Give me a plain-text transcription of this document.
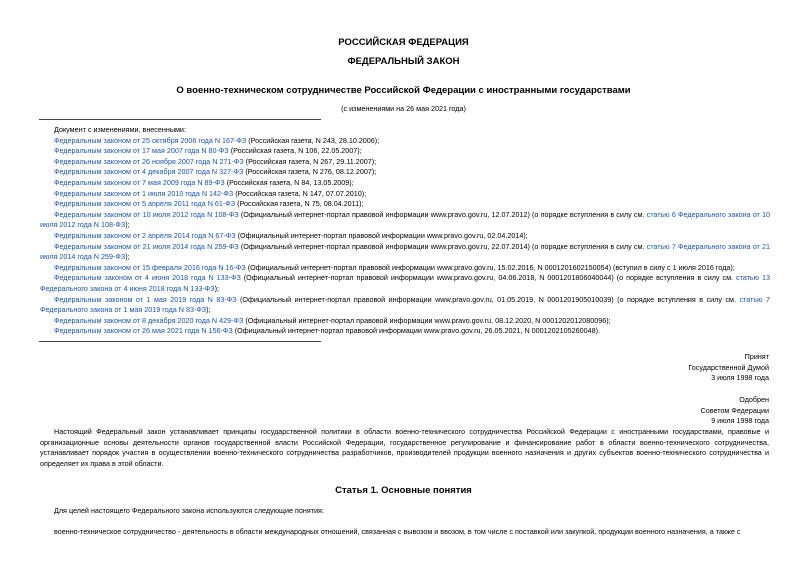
РОССИЙСКАЯ ФЕДЕРАЦИЯ
ФЕДЕРАЛЬНЫЙ ЗАКОН
О военно-техническом сотрудничестве Российской Федерации с иностранными государствами
(с изменениями на 26 мая 2021 года)
Документ с изменениями, внесенными:
Федеральным законом от 25 октября 2006 года N 167-ФЗ (Российская газета, N 243, 28.10.2006);
Федеральным законом от 17 мая 2007 года N 80-ФЗ (Российская газета, N 106, 22.05.2007);
Федеральным законом от 26 ноября 2007 года N 271-ФЗ (Российская газета, N 267, 29.11.2007);
Федеральным законом от 4 декабря 2007 года N 327-ФЗ (Российская газета, N 276, 08.12.2007);
Федеральным законом от 7 мая 2009 года N 89-ФЗ (Российская газета, N 84, 13.05.2009);
Федеральным законом от 1 июля 2010 года N 142-ФЗ (Российская газета, N 147, 07.07.2010);
Федеральным законом от 5 апреля 2011 года N 61-ФЗ (Российская газета, N 75, 08.04.2011);
Федеральным законом от 10 июля 2012 года N 108-ФЗ (Официальный интернет-портал правовой информации www.pravo.gov.ru, 12.07.2012) (о порядке вступления в силу см. статью 6 Федерального закона от 10 июля 2012 года N 108-ФЗ);
Федеральным законом от 2 апреля 2014 года N 67-ФЗ (Официальный интернет-портал правовой информации www.pravo.gov.ru, 02.04.2014);
Федеральным законом от 21 июля 2014 года N 259-ФЗ (Официальный интернет-портал правовой информации www.pravo.gov.ru, 22.07.2014) (о порядке вступления в силу см. статью 7 Федерального закона от 21 июля 2014 года N 259-ФЗ);
Федеральным законом от 15 февраля 2016 года N 16-ФЗ (Официальный интернет-портал правовой информации www.pravo.gov.ru, 15.02.2016, N 0001201602150054) (вступил в силу с 1 июля 2016 года);
Федеральным законом от 4 июня 2018 года N 133-ФЗ (Официальный интернет-портал правовой информации www.pravo.gov.ru, 04.06.2018, N 0001201806040044) (о порядке вступления в силу см. статью 13 Федерального закона от 4 июня 2018 года N 133-ФЗ);
Федеральным законом от 1 мая 2019 года N 83-ФЗ (Официальный интернет-портал правовой информации www.pravo.gov.ru, 01.05.2019, N 0001201905010039) (о порядке вступления в силу см. статью 7 Федерального закона от 1 мая 2019 года N 83-ФЗ);
Федеральным законом от 8 декабря 2020 года N 429-ФЗ (Официальный интернет-портал правовой информации www.pravo.gov.ru, 08.12.2020, N 0001202012080096);
Федеральным законом от 26 мая 2021 года N 156-ФЗ (Официальный интернет-портал правовой информации www.pravo.gov.ru, 26.05.2021, N 0001202105260048).
Принят
Государственной Думой
3 июля 1998 года
Одобрен
Советом Федерации
9 июля 1998 года
Настоящий Федеральный закон устанавливает принципы государственной политики в области военно-технического сотрудничества Российской Федерации с иностранными государствами, правовые и организационные основы деятельности органов государственной власти Российской Федерации, государственное регулирование и финансирование работ в области военно-технического сотрудничества, устанавливает порядок участия в осуществлении военно-технического сотрудничества разработчиков, производителей продукции военного назначения и других субъектов военно-технического сотрудничества и определяет их права в этой области.
Статья 1. Основные понятия
Для целей настоящего Федерального закона используются следующие понятия:
военно-техническое сотрудничество - деятельность в области международных отношений, связанная с вывозом и ввозом, в том числе с поставкой или закупкой, продукции военного назначения, а также с
